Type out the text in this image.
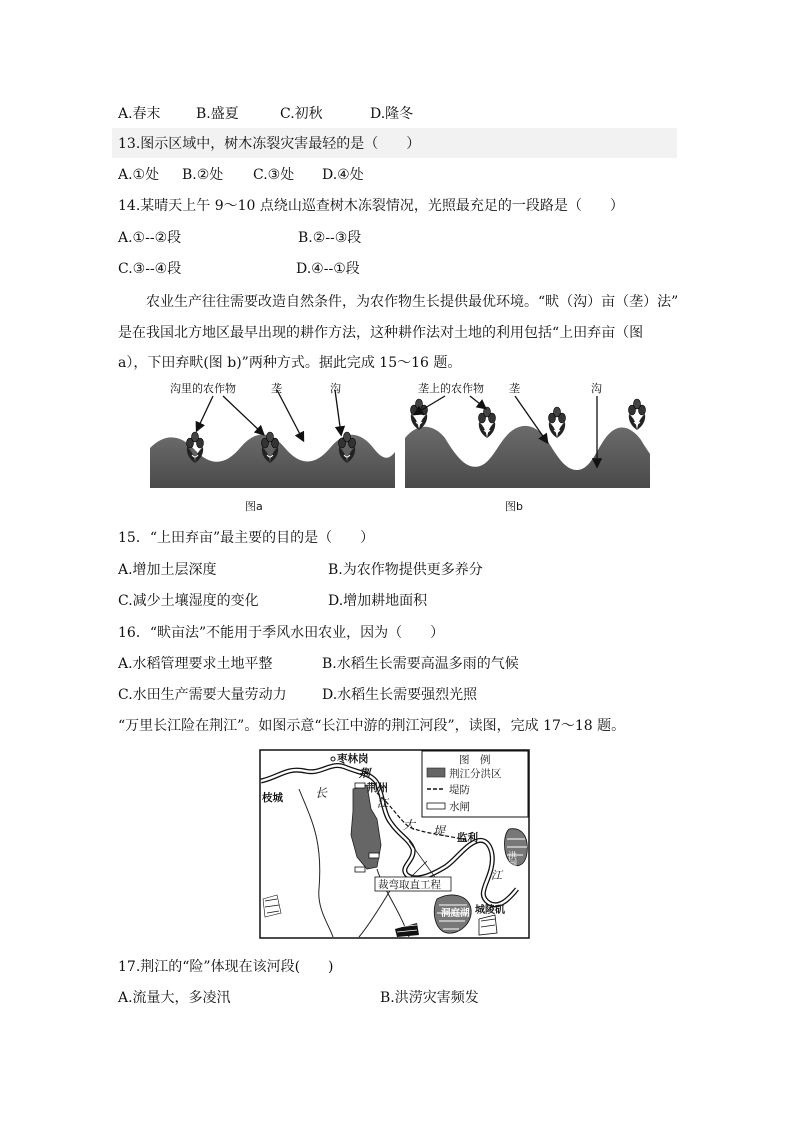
A.春末	B.盛夏	C.初秋	D.隆冬
13.图示区域中，树木冻裂灾害最轻的是（　　）
A.①处 B.②处 C.③处 D.④处
14.某晴天上午 9～10 点绕山巡查树木冻裂情况，光照最充足的一段路是（　　）
A.①--②段	B.②--③段
C.③--④段	D.④--①段
农业生产往往需要改造自然条件，为农作物生长提供最优环境。“畎（沟）亩（垄）法”
是在我国北方地区最早出现的耕作方法，这种耕作法对土地的利用包括“上田弃亩（图
a），下田弃畎(图 b)”两种方式。据此完成 15～16 题。
沟里的农作物	垄	沟
图a
垄上的农作物 垄	沟
图b
15．“上田弃亩”最主要的目的是（　　）
A.增加土层深度	B.为农作物提供更多养分
C.减少土壤湿度的变化	D.增加耕地面积
16．“畎亩法”不能用于季风水田农业，因为（　　）
A.水稻管理要求土地平整	B.水稻生长需要高温多雨的气候
C.水田生产需要大量劳动力	D.水稻生长需要强烈光照
“万里长江险在荆江”。如图示意“长江中游的荆江河段”，读图，完成 17～18 题。
裁弯取直工程
枣林岗
荆
荆州
枝城	长
江
大 堤 监利
江
洪湖
洞庭湖 城陵矶
图　例
荆江分洪区
堤防
水闸
17.荆江的“险”体现在该河段(　　)
A.流量大，多凌汛	B.洪涝灾害频发
